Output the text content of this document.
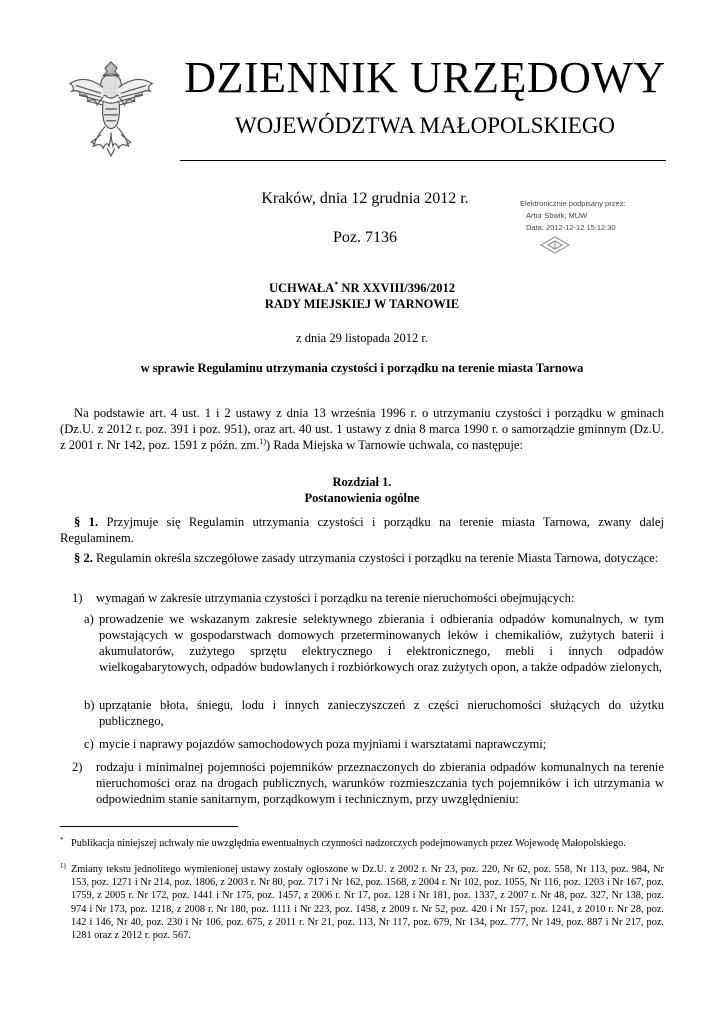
DZIENNIK URZĘDOWY
WOJEWÓDZTWA MAŁOPOLSKIEGO
Kraków, dnia 12 grudnia 2012 r.
Poz. 7136
Elektronicznie podpisany przez:
Artur Sbwik; MUW
Data: 2012-12-12 15:12:30
UCHWAŁA* NR XXVIII/396/2012
RADY MIEJSKIEJ W TARNOWIE
z dnia 29 listopada 2012 r.
w sprawie Regulaminu utrzymania czystości i porządku na terenie miasta Tarnowa
Na podstawie art. 4 ust. 1 i 2 ustawy z dnia 13 września 1996 r. o utrzymaniu czystości i porządku w gminach (Dz.U. z 2012 r. poz. 391 i poz. 951), oraz art. 40 ust. 1 ustawy z dnia 8 marca 1990 r. o samorządzie gminnym (Dz.U. z 2001 r. Nr 142, poz. 1591 z późn. zm.$^{1)}$) Rada Miejska w Tarnowie uchwala, co następuje:
Rozdział 1.
Postanowienia ogólne
§ 1. Przyjmuje się Regulamin utrzymania czystości i porządku na terenie miasta Tarnowa, zwany dalej Regulaminem.
§ 2. Regulamin określa szczegółowe zasady utrzymania czystości i porządku na terenie Miasta Tarnowa, dotyczące:
1) wymagań w zakresie utrzymania czystości i porządku na terenie nieruchomości obejmujących:
a) prowadzenie we wskazanym zakresie selektywnego zbierania i odbierania odpadów komunalnych, w tym powstających w gospodarstwach domowych przeterminowanych leków i chemikaliów, zużytych baterii i akumulatorów, zużytego sprzętu elektrycznego i elektronicznego, mebli i innych odpadów wielkogabarytowych, odpadów budowlanych i rozbiórkowych oraz zużytych opon, a także odpadów zielonych,
b) uprzątanie błota, śniegu, lodu i innych zanieczyszczeń z części nieruchomości służących do użytku publicznego,
c) mycie i naprawy pojazdów samochodowych poza myjniami i warsztatami naprawczymi;
2) rodzaju i minimalnej pojemności pojemników przeznaczonych do zbierania odpadów komunalnych na terenie nieruchomości oraz na drogach publicznych, warunków rozmieszczania tych pojemników i ich utrzymania w odpowiednim stanie sanitarnym, porządkowym i technicznym, przy uwzględnieniu:
* Publikacja niniejszej uchwały nie uwzględnia ewentualnych czynności nadzorczych podejmowanych przez Wojewodę Małopolskiego.
1) Zmiany tekstu jednolitego wymienionej ustawy zostały ogłoszone w Dz.U. z 2002 r. Nr 23, poz. 220, Nr 62, poz. 558, Nr 113, poz. 984, Nr 153, poz. 1271 i Nr 214, poz. 1806, z 2003 r. Nr 80, poz. 717 i Nr 162, poz. 1568, z 2004 r. Nr 102, poz. 1055, Nr 116, poz. 1203 i Nr 167, poz. 1759, z 2005 r. Nr 172, poz. 1441 i Nr 175, poz. 1457, z 2006 r. Nr 17, poz. 128 i Nr 181, poz. 1337, z 2007 r. Nr 48, poz. 327, Nr 138, poz. 974 i Nr 173, poz. 1218, z 2008 r. Nr 180, poz. 1111 i Nr 223, poz. 1458, z 2009 r. Nr 52, poz. 420 i Nr 157, poz. 1241, z 2010 r. Nr 28, poz. 142 i 146, Nr 40, poz. 230 i Nr 106, poz. 675, z 2011 r. Nr 21, poz. 113, Nr 117, poz. 679, Nr 134, poz. 777, Nr 149, poz. 887 i Nr 217, poz. 1281 oraz z 2012 r. poz. 567.
